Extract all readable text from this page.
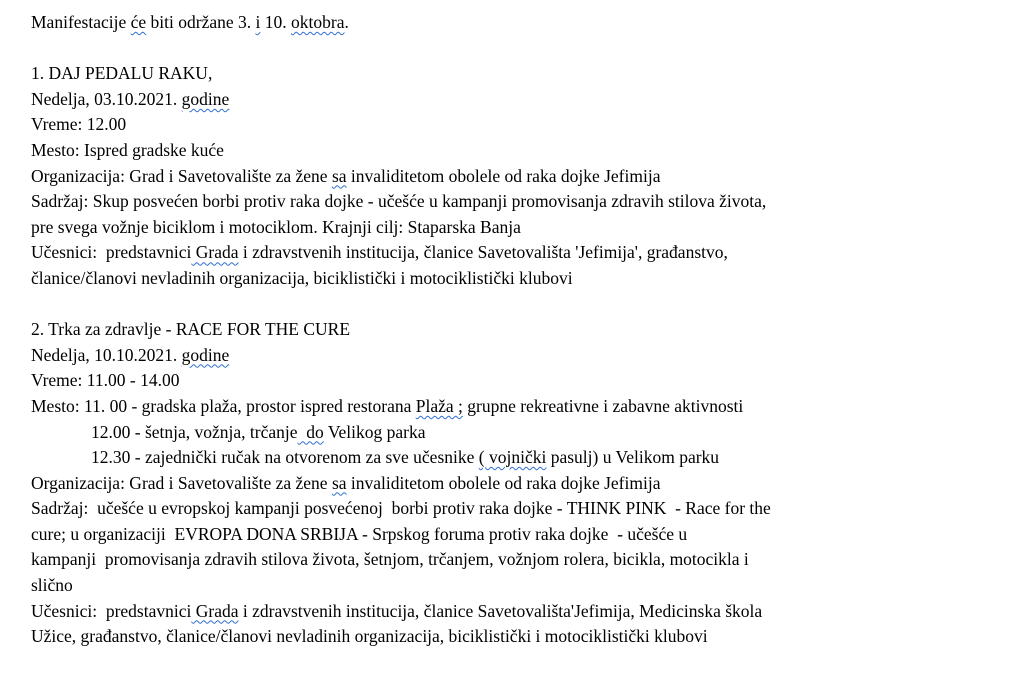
Manifestacije će biti održane 3. i 10. oktobra.
1. DAJ PEDALU RAKU,
Nedelja, 03.10.2021. godine
Vreme: 12.00
Mesto: Ispred gradske kuće
Organizacija: Grad i Savetovalište za žene sa invaliditetom obolele od raka dojke Jefimija
Sadržaj: Skup posvećen borbi protiv raka dojke - učešće u kampanji promovisanja zdravih stilova života,
pre svega vožnje biciklom i motociklom. Krajnji cilj: Staparska Banja
Učesnici:  predstavnici Grada i zdravstvenih institucija, članice Savetovališta 'Jefimija', građanstvo,
članice/članovi nevladinih organizacija, biciklistički i motociklistički klubovi
2. Trka za zdravlje - RACE FOR THE CURE
Nedelja, 10.10.2021. godine
Vreme: 11.00 - 14.00
Mesto: 11. 00 - gradska plaža, prostor ispred restorana Plaža ; grupne rekreativne i zabavne aktivnosti
12.00 - šetnja, vožnja, trčanje  do Velikog parka
12.30 - zajednički ručak na otvorenom za sve učesnike ( vojnički pasulj) u Velikom parku
Organizacija: Grad i Savetovalište za žene sa invaliditetom obolele od raka dojke Jefimija
Sadržaj:  učešće u evropskoj kampanji posvećenoj  borbi protiv raka dojke - THINK PINK  - Race for the
cure; u organizaciji  EVROPA DONA SRBIJA - Srpskog foruma protiv raka dojke  - učešće u
kampanji  promovisanja zdravih stilova života, šetnjom, trčanjem, vožnjom rolera, bicikla, motocikla i
slično
Učesnici:  predstavnici Grada i zdravstvenih institucija, članice Savetovališta'Jefimija, Medicinska škola
Užice, građanstvo, članice/članovi nevladinih organizacija, biciklistički i motociklistički klubovi
